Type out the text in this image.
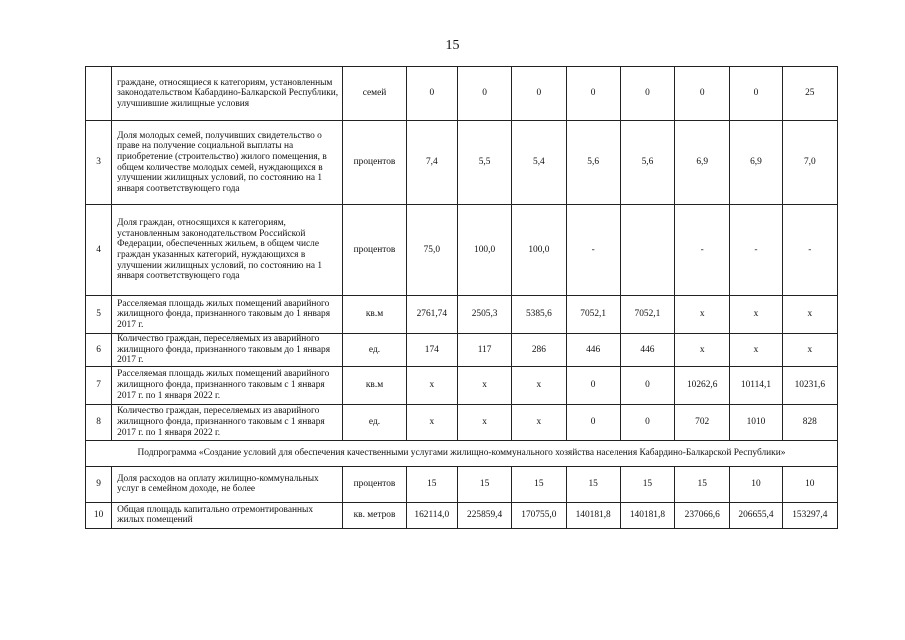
15
	граждане, относящиеся к категориям, установленным законодательством Кабардино-Балкарской Республики, улучшившие жилищные условия	семей	0	0	0	0	0	0	0	25
3	Доля молодых семей, получивших свидетельство о праве на получение социальной выплаты на приобретение (строительство) жилого помещения, в общем количестве молодых семей, нуждающихся в улучшении жилищных условий, по состоянию на 1 января соответствующего года	процентов	7,4	5,5	5,4	5,6	5,6	6,9	6,9	7,0
4	Доля граждан, относящихся к категориям, установленным законодательством Российской Федерации, обеспеченных жильем, в общем числе граждан указанных категорий, нуждающихся в улучшении жилищных условий, по состоянию на 1 января соответствующего года	процентов	75,0	100,0	100,0	-		-	-	-
5	Расселяемая площадь жилых помещений аварийного жилищного фонда, признанного таковым до 1 января 2017 г.	кв.м	2761,74	2505,3	5385,6	7052,1	7052,1	х	х	х
6	Количество граждан, переселяемых из аварийного жилищного фонда, признанного таковым до 1 января 2017 г.	ед.	174	117	286	446	446	х	х	х
7	Расселяемая площадь жилых помещений аварийного жилищного фонда, признанного таковым с 1 января 2017 г. по 1 января 2022 г.	кв.м	х	х	х	0	0	10262,6	10114,1	10231,6
8	Количество граждан, переселяемых из аварийного жилищного фонда, признанного таковым с 1 января 2017 г. по 1 января 2022 г.	ед.	х	х	х	0	0	702	1010	828
Подпрограмма «Создание условий для обеспечения качественными услугами жилищно-коммунального хозяйства населения Кабардино-Балкарской Республики»										
9	Доля расходов на оплату жилищно-коммунальных услуг в семейном доходе, не более	процентов	15	15	15	15	15	15	10	10
10	Общая площадь капитально отремонтированных жилых помещений	кв. метров	162114,0	225859,4	170755,0	140181,8	140181,8	237066,6	206655,4	153297,4
